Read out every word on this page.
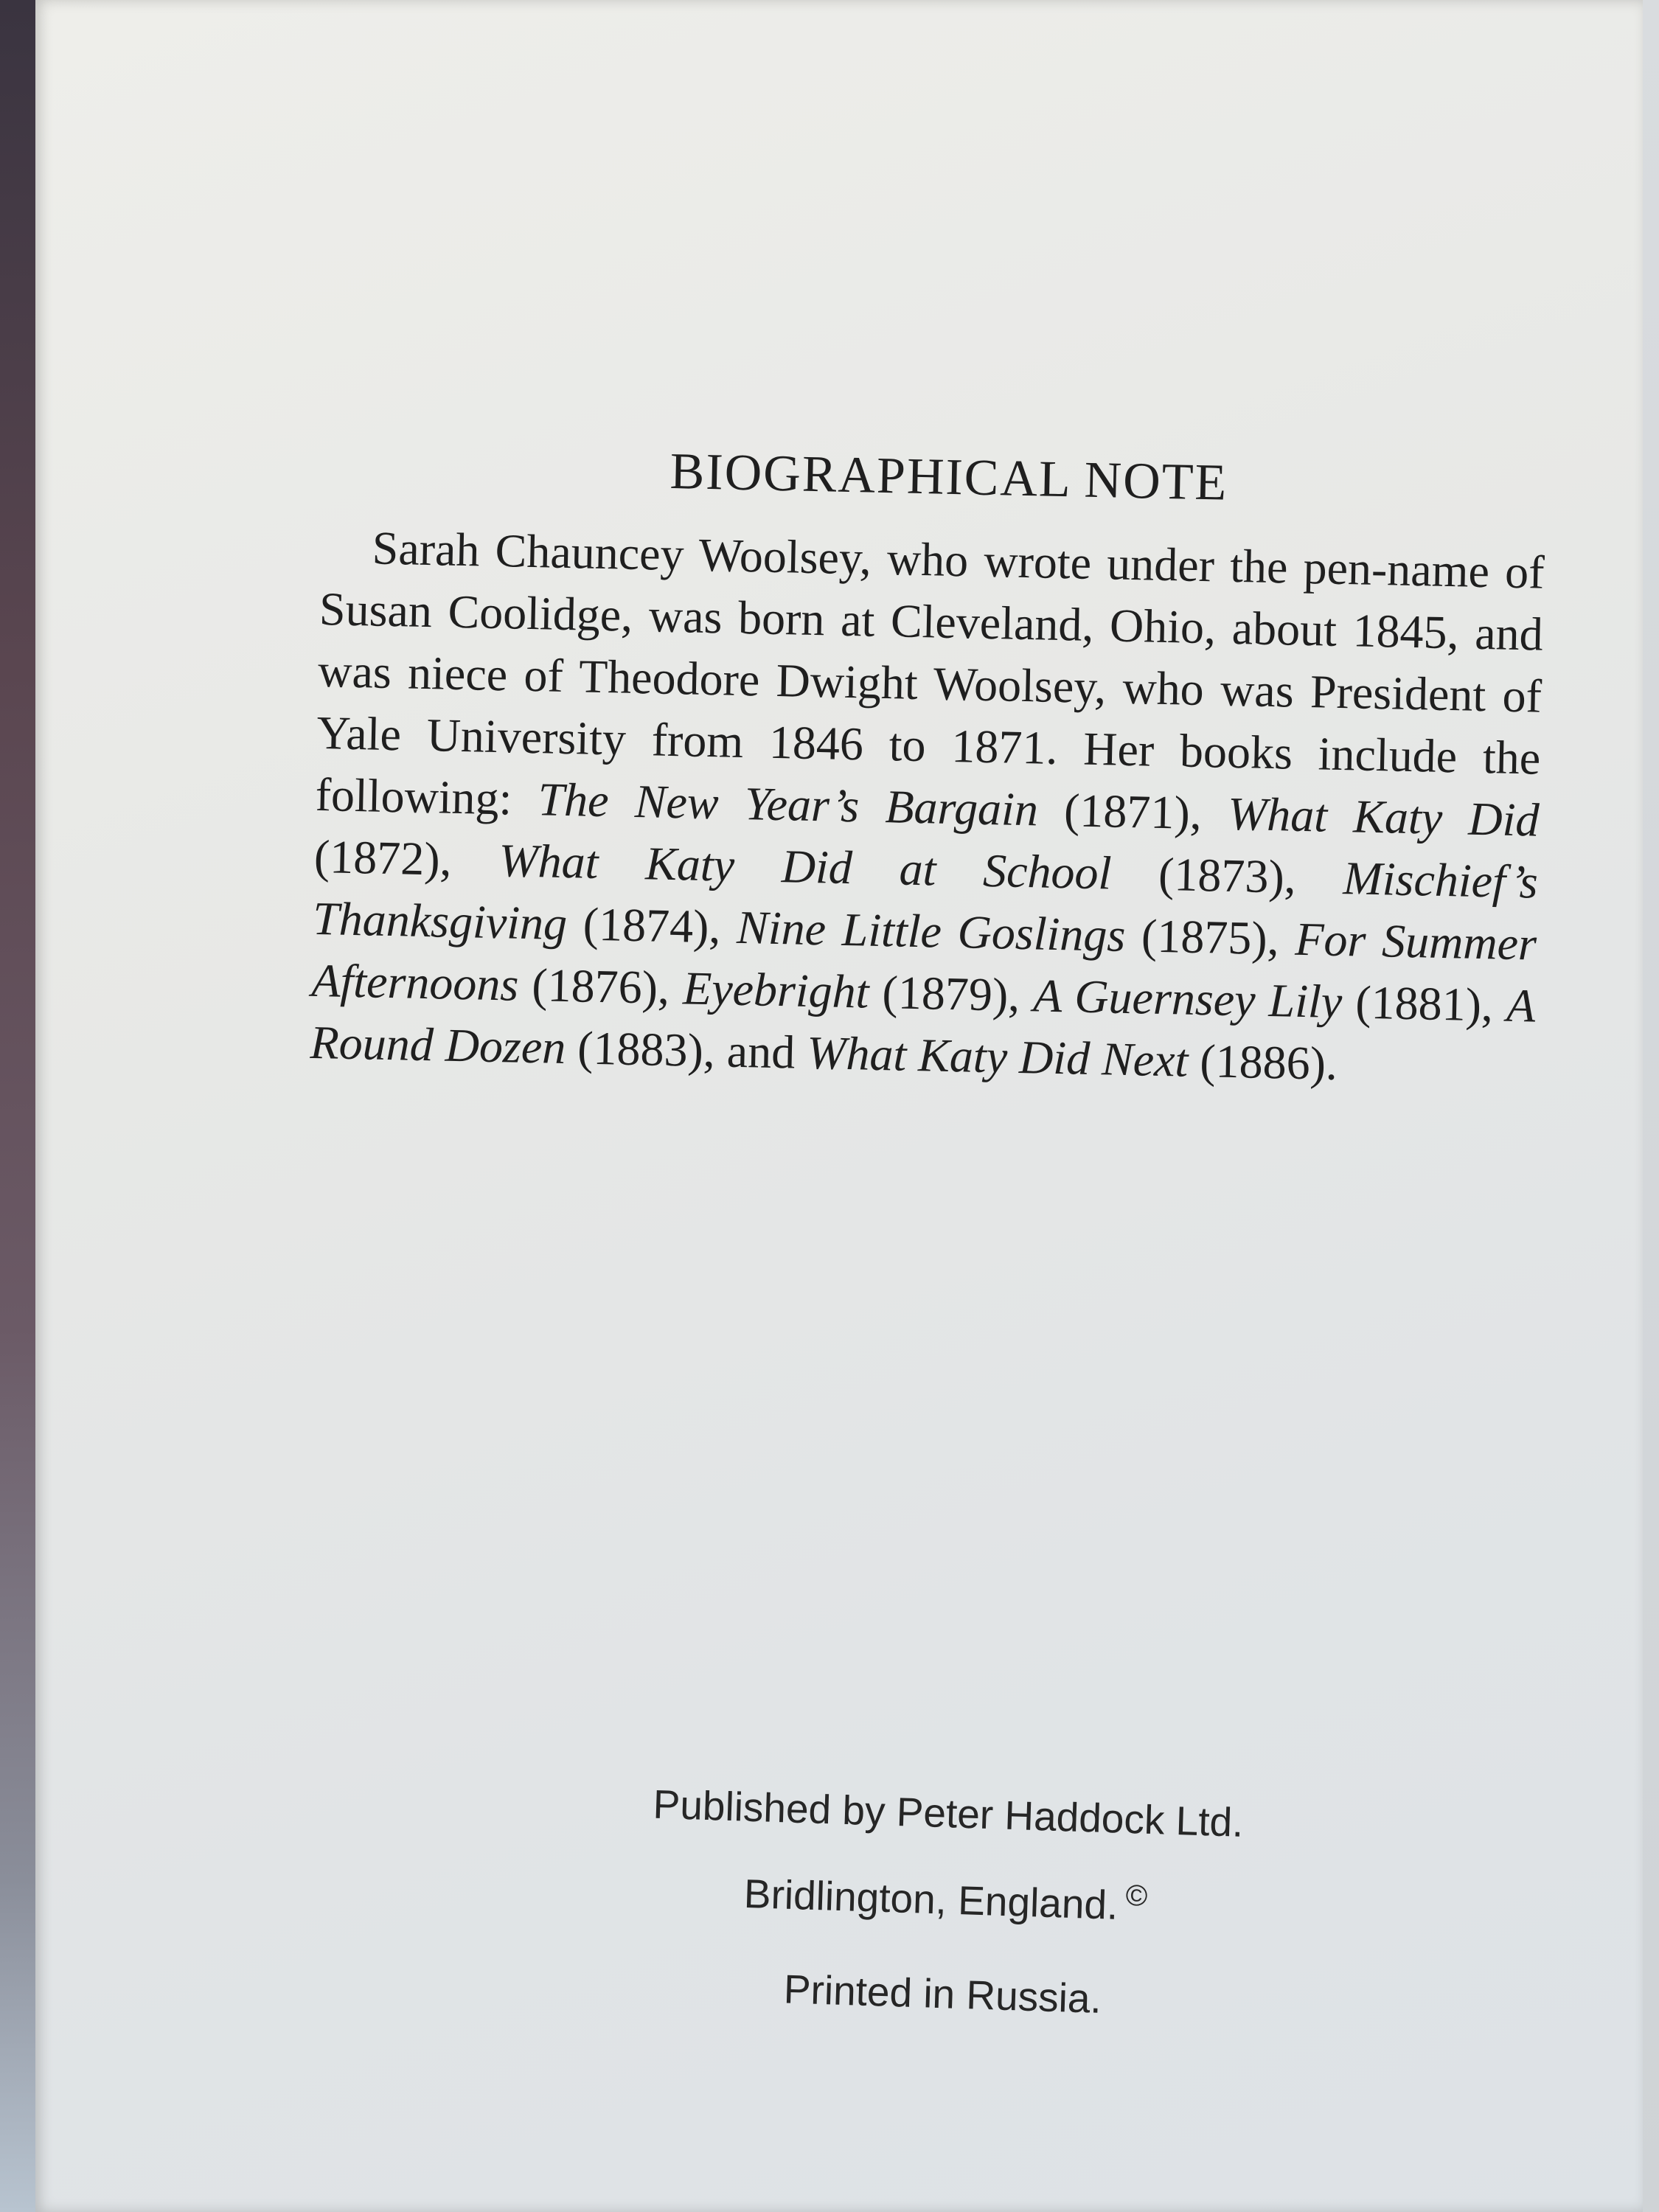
BIOGRAPHICAL NOTE

Sarah Chauncey Woolsey, who wrote under the pen-name of Susan Coolidge, was born at Cleveland, Ohio, about 1845, and was niece of Theodore Dwight Woolsey, who was President of Yale University from 1846 to 1871. Her books include the following: The New Year’s Bargain (1871), What Katy Did (1872), What Katy Did at School (1873), Mischief’s Thanksgiving (1874), Nine Little Goslings (1875), For Summer Afternoons (1876), Eyebright (1879), A Guernsey Lily (1881), A Round Dozen (1883), and What Katy Did Next (1886).

Published by Peter Haddock Ltd.
Bridlington, England. ©
Printed in Russia.
